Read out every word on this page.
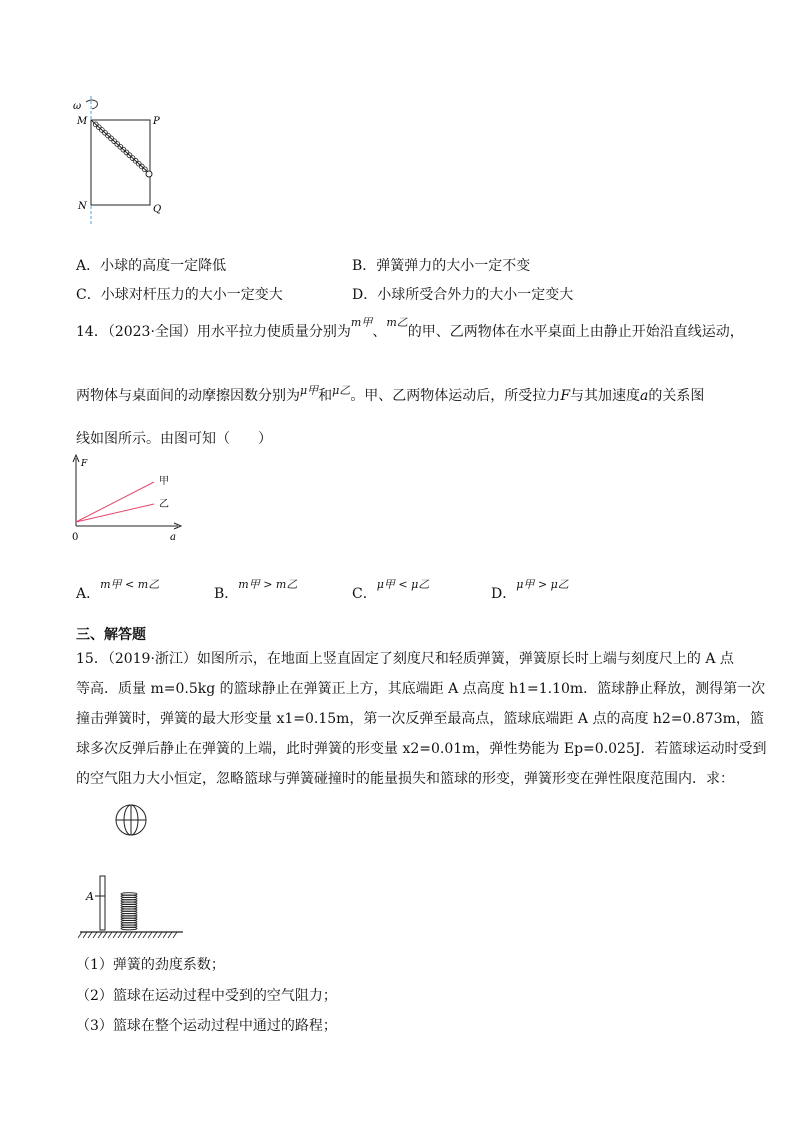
ω
M	P
N	Q
A．小球的高度一定降低	B．弹簧弹力的大小一定不变
C．小球对杆压力的大小一定变大	D．小球所受合外力的大小一定变大
14．（2023·全国）用水平拉力使质量分别为$^{m甲}$、$^{m乙}$的甲、乙两物体在水平桌面上由静止开始沿直线运动，
两物体与桌面间的动摩擦因数分别为$^{\mu 甲}$和$^{\mu 乙}$。甲、乙两物体运动后，所受拉力F与其加速度a的关系图
线如图所示。由图可知（　　）
F
a
0
甲
乙
A．$^{m甲 < m乙}$
B．$^{m甲 > m乙}$
C．$^{\mu 甲 < \mu 乙}$
D．$^{\mu 甲 > \mu 乙}$
三、解答题
15．（2019·浙江）如图所示，在地面上竖直固定了刻度尺和轻质弹簧，弹簧原长时上端与刻度尺上的 A 点
等高．质量 m=0.5kg 的篮球静止在弹簧正上方，其底端距 A 点高度 h1=1.10m．篮球静止释放，测得第一次
撞击弹簧时，弹簧的最大形变量 x1=0.15m，第一次反弹至最高点，篮球底端距 A 点的高度 h2=0.873m，篮
球多次反弹后静止在弹簧的上端，此时弹簧的形变量 x2=0.01m，弹性势能为 Ep=0.025J．若篮球运动时受到
的空气阻力大小恒定，忽略篮球与弹簧碰撞时的能量损失和篮球的形变，弹簧形变在弹性限度范围内．求：
A
（1）弹簧的劲度系数；
（2）篮球在运动过程中受到的空气阻力；
（3）篮球在整个运动过程中通过的路程；
